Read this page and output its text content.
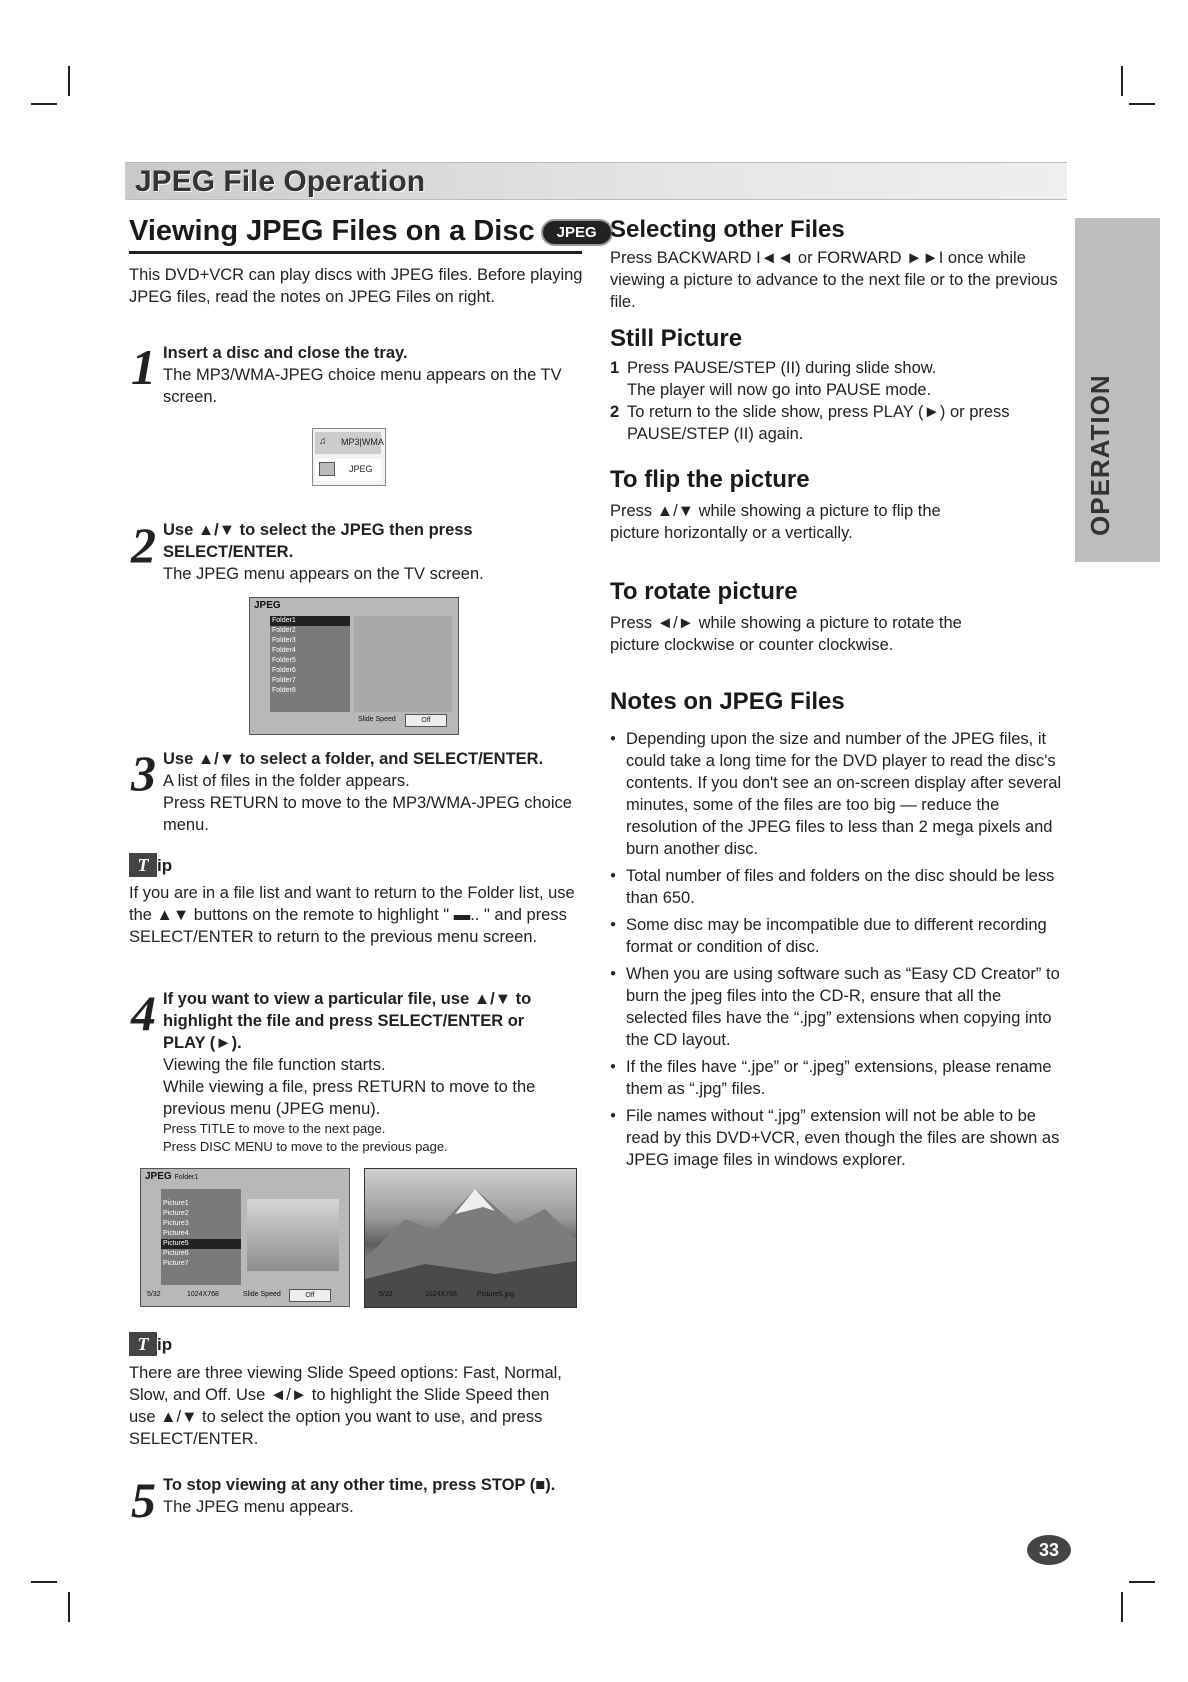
JPEG File Operation
OPERATION
Viewing JPEG Files on a Disc JPEG
This DVD+VCR can play discs with JPEG files. Before playing JPEG files, read the notes on JPEG Files on right.
1 Insert a disc and close the tray.
The MP3/WMA-JPEG choice menu appears on the TV screen.
♫ MP3|WMA
JPEG
2 Use ▲/▼ to select the JPEG then press
SELECT/ENTER.
The JPEG menu appears on the TV screen.
JPEG
Folder1
Folder2
Folder3
Folder4
Folder5
Folder6
Folder7
Folder8
Slide Speed	Off
3 Use ▲/▼ to select a folder, and SELECT/ENTER.
A list of files in the folder appears.
Press RETURN to move to the MP3/WMA-JPEG choice menu.
T ip
If you are in a file list and want to return to the Folder list, use the ▲▼ buttons on the remote to highlight " ▬.. " and press SELECT/ENTER to return to the previous menu screen.
4 If you want to view a particular file, use ▲/▼ to
highlight the file and press SELECT/ENTER or
PLAY (►).
Viewing the file function starts.
While viewing a file, press RETURN to move to the previous menu (JPEG menu).
Press TITLE to move to the next page.
Press DISC MENU to move to the previous page.
JPEG Folder1
Picture1
Picture2
Picture3
Picture4
Picture5
Picture6
Picture7
5/32	1024X768	Slide Speed	Off	5/32	1024X768	Picture5.jpg
T ip
There are three viewing Slide Speed options: Fast, Normal, Slow, and Off. Use ◄/► to highlight the Slide Speed then use ▲/▼ to select the option you want to use, and press SELECT/ENTER.
5 To stop viewing at any other time, press STOP (■).
The JPEG menu appears.
Selecting other Files
Press BACKWARD I◄◄ or FORWARD ►►I once while viewing a picture to advance to the next file or to the previous file.
Still Picture
1 Press PAUSE/STEP (II) during slide show.
The player will now go into PAUSE mode.
2 To return to the slide show, press PLAY (►) or press
PAUSE/STEP (II) again.
To flip the picture
Press ▲/▼ while showing a picture to flip the picture horizontally or a vertically.
To rotate picture
Press ◄/► while showing a picture to rotate the picture clockwise or counter clockwise.
Notes on JPEG Files
● Depending upon the size and number of the JPEG files, it could take a long time for the DVD player to read the disc's contents. If you don't see an on-screen display after several minutes, some of the files are too big — reduce the resolution of the JPEG files to less than 2 mega pixels and burn another disc.
● Total number of files and folders on the disc should be less than 650.
● Some disc may be incompatible due to different recording format or condition of disc.
● When you are using software such as “Easy CD Creator” to burn the jpeg files into the CD-R, ensure that all the selected files have the “.jpg” extensions when copying into the CD layout.
● If the files have “.jpe” or “.jpeg” extensions, please rename them as “.jpg” files.
● File names without “.jpg” extension will not be able to be read by this DVD+VCR, even though the files are shown as JPEG image files in windows explorer.
33
